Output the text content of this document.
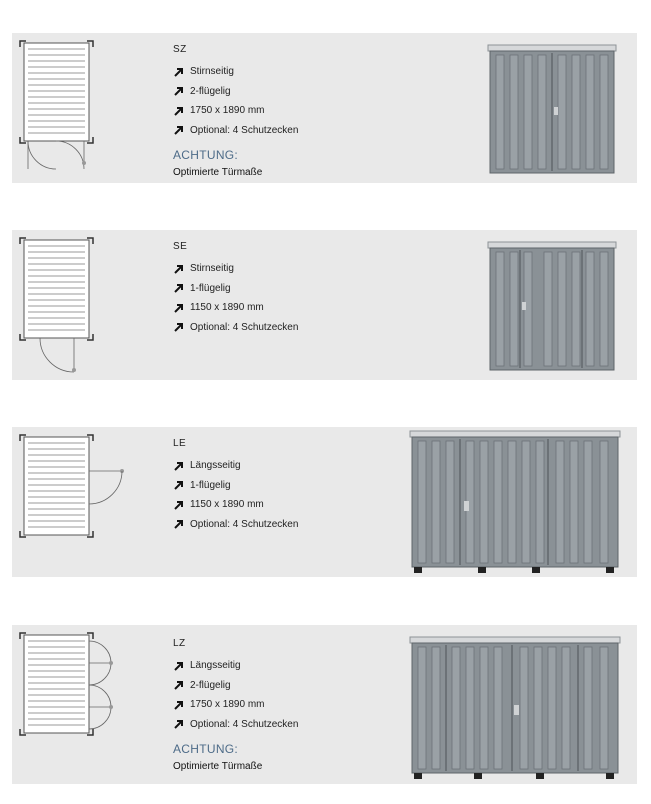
SZ
Stirnseitig
2-flügelig
1750 x 1890 mm
Optional: 4 Schutzecken
ACHTUNG:
Optimierte Türmaße
SE
Stirnseitig
1-flügelig
1150 x 1890 mm
Optional: 4 Schutzecken
LE
Längsseitig
1-flügelig
1150 x 1890 mm
Optional: 4 Schutzecken
LZ
Längsseitig
2-flügelig
1750 x 1890 mm
Optional: 4 Schutzecken
ACHTUNG:
Optimierte Türmaße
